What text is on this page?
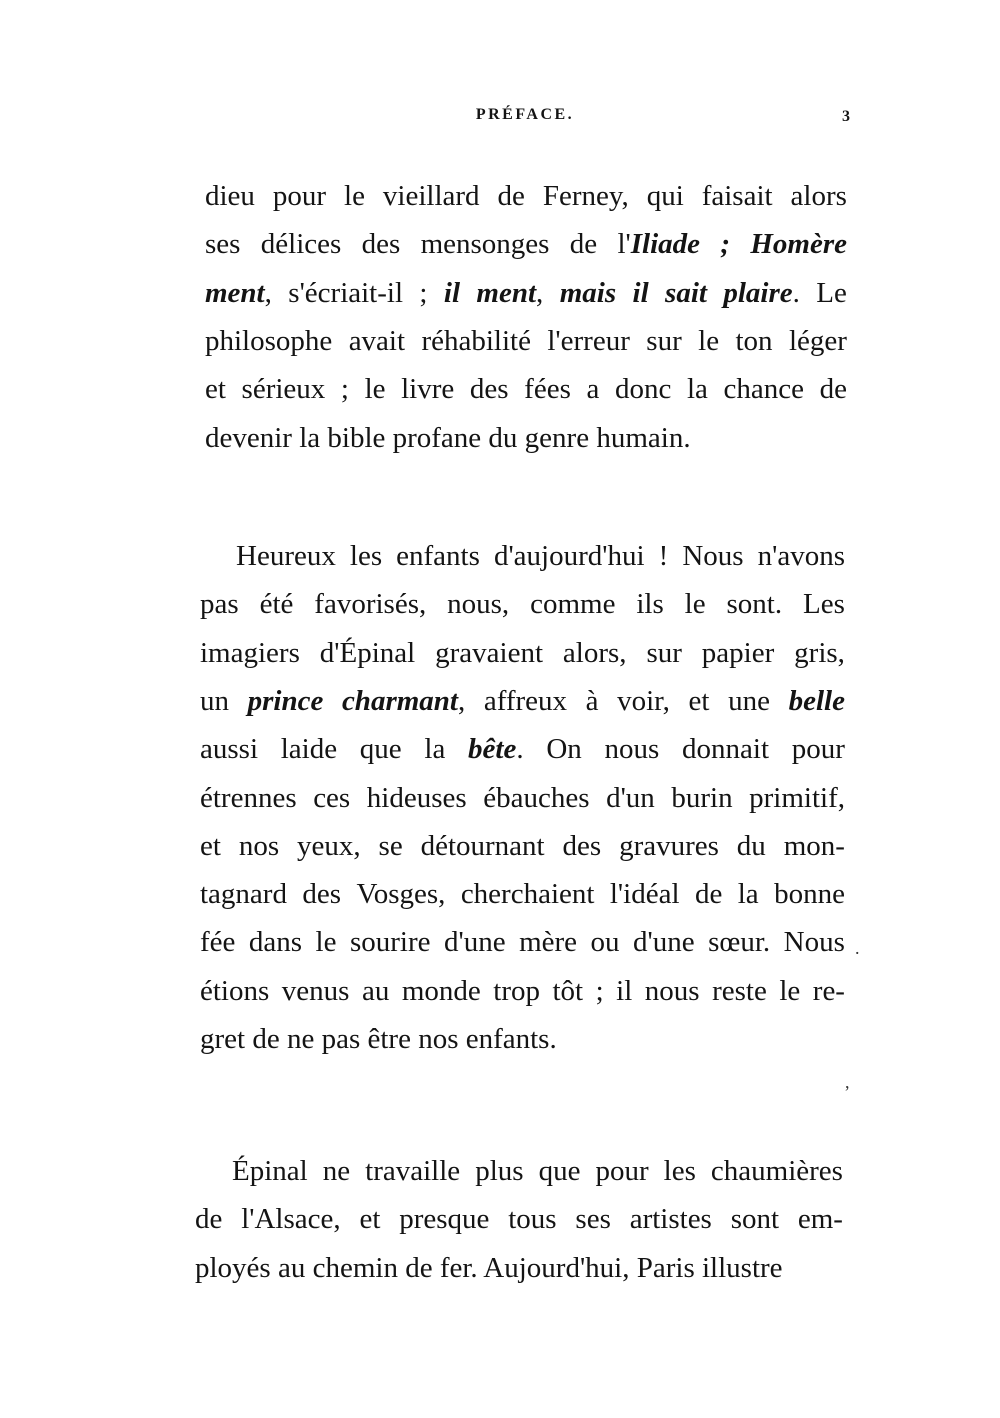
PRÉFACE.	3
dieu pour le vieillard de Ferney, qui faisait alors
ses délices des mensonges de l'Iliade ; Homère
ment, s'écriait-il ; il ment, mais il sait plaire. Le
philosophe avait réhabilité l'erreur sur le ton léger
et sérieux ; le livre des fées a donc la chance de
devenir la bible profane du genre humain.
Heureux les enfants d'aujourd'hui ! Nous n'avons
pas été favorisés, nous, comme ils le sont. Les
imagiers d'Épinal gravaient alors, sur papier gris,
un prince charmant, affreux à voir, et une belle
aussi laide que la bête. On nous donnait pour
étrennes ces hideuses ébauches d'un burin primitif,
et nos yeux, se détournant des gravures du mon-
tagnard des Vosges, cherchaient l'idéal de la bonne
fée dans le sourire d'une mère ou d'une sœur. Nous
étions venus au monde trop tôt ; il nous reste le re-
gret de ne pas être nos enfants.
Épinal ne travaille plus que pour les chaumières
de l'Alsace, et presque tous ses artistes sont em-
ployés au chemin de fer. Aujourd'hui, Paris illustre
.
,
